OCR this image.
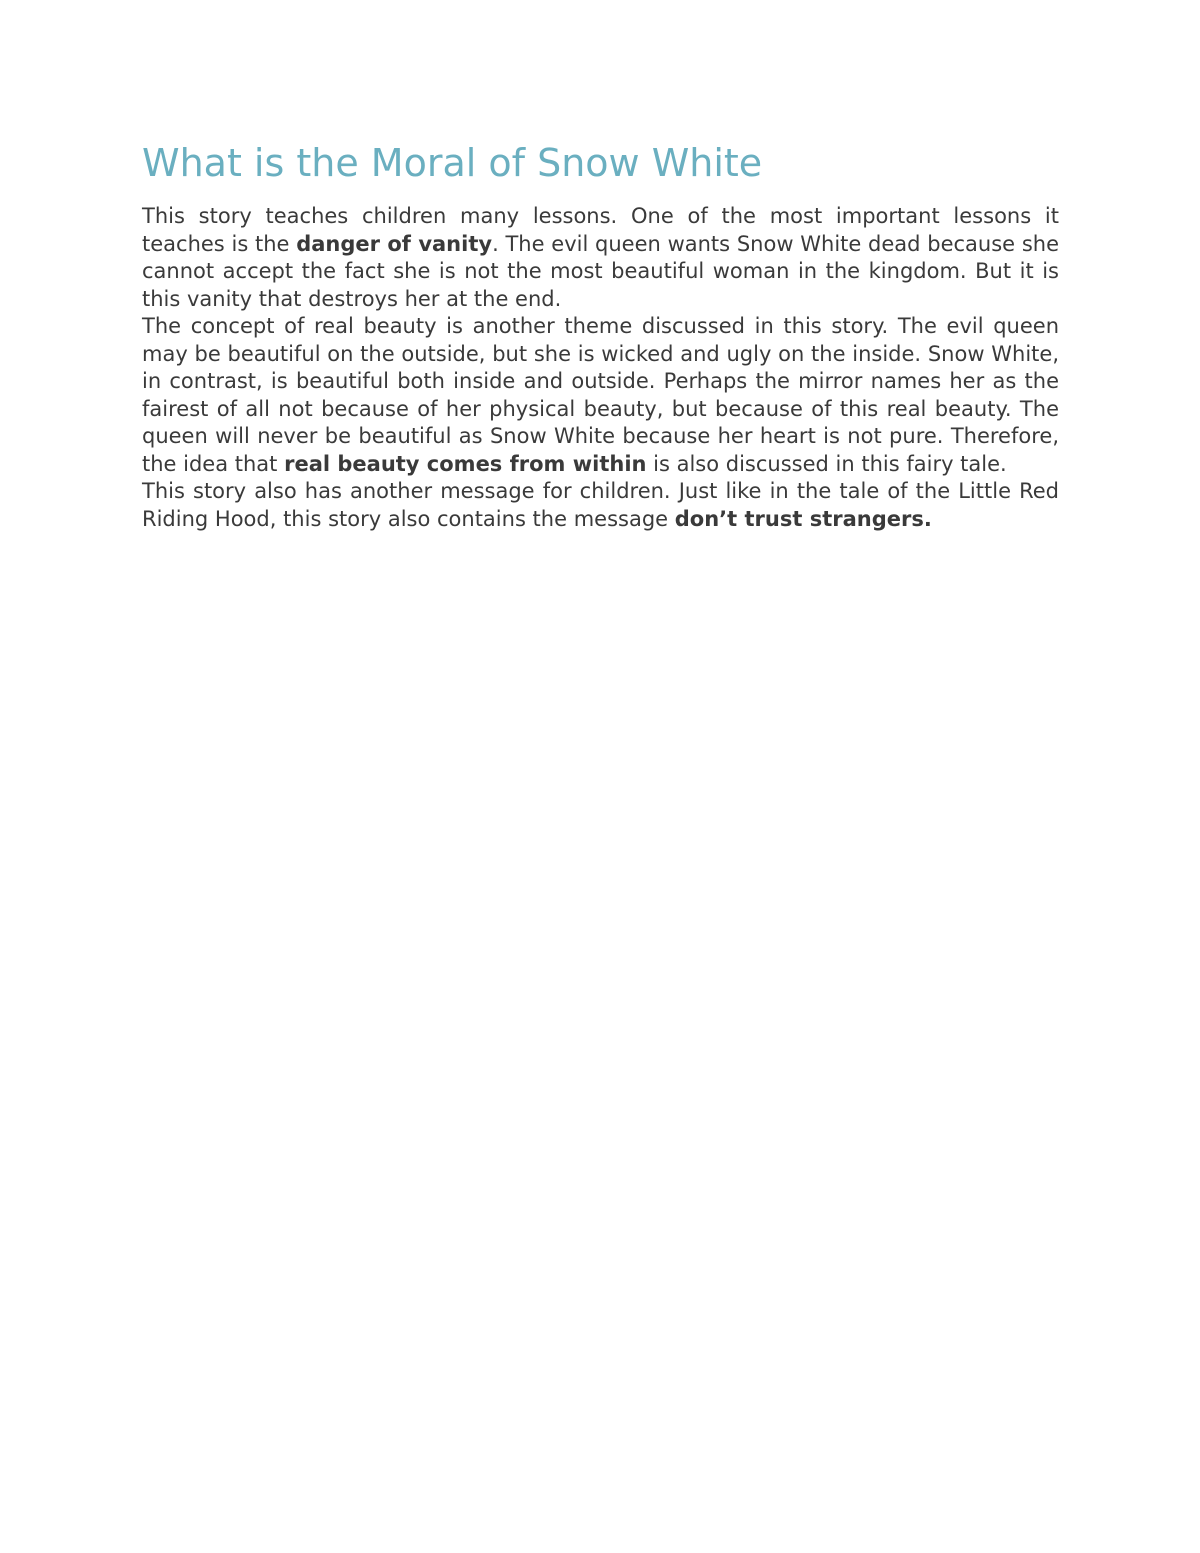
What is the Moral of Snow White

This story teaches children many lessons. One of the most important lessons it teaches is the danger of vanity. The evil queen wants Snow White dead because she cannot accept the fact she is not the most beautiful woman in the kingdom. But it is this vanity that destroys her at the end.

The concept of real beauty is another theme discussed in this story. The evil queen may be beautiful on the outside, but she is wicked and ugly on the inside. Snow White, in contrast, is beautiful both inside and outside. Perhaps the mirror names her as the fairest of all not because of her physical beauty, but because of this real beauty. The queen will never be beautiful as Snow White because her heart is not pure. Therefore, the idea that real beauty comes from within is also discussed in this fairy tale.

This story also has another message for children. Just like in the tale of the Little Red Riding Hood, this story also contains the message don’t trust strangers.
